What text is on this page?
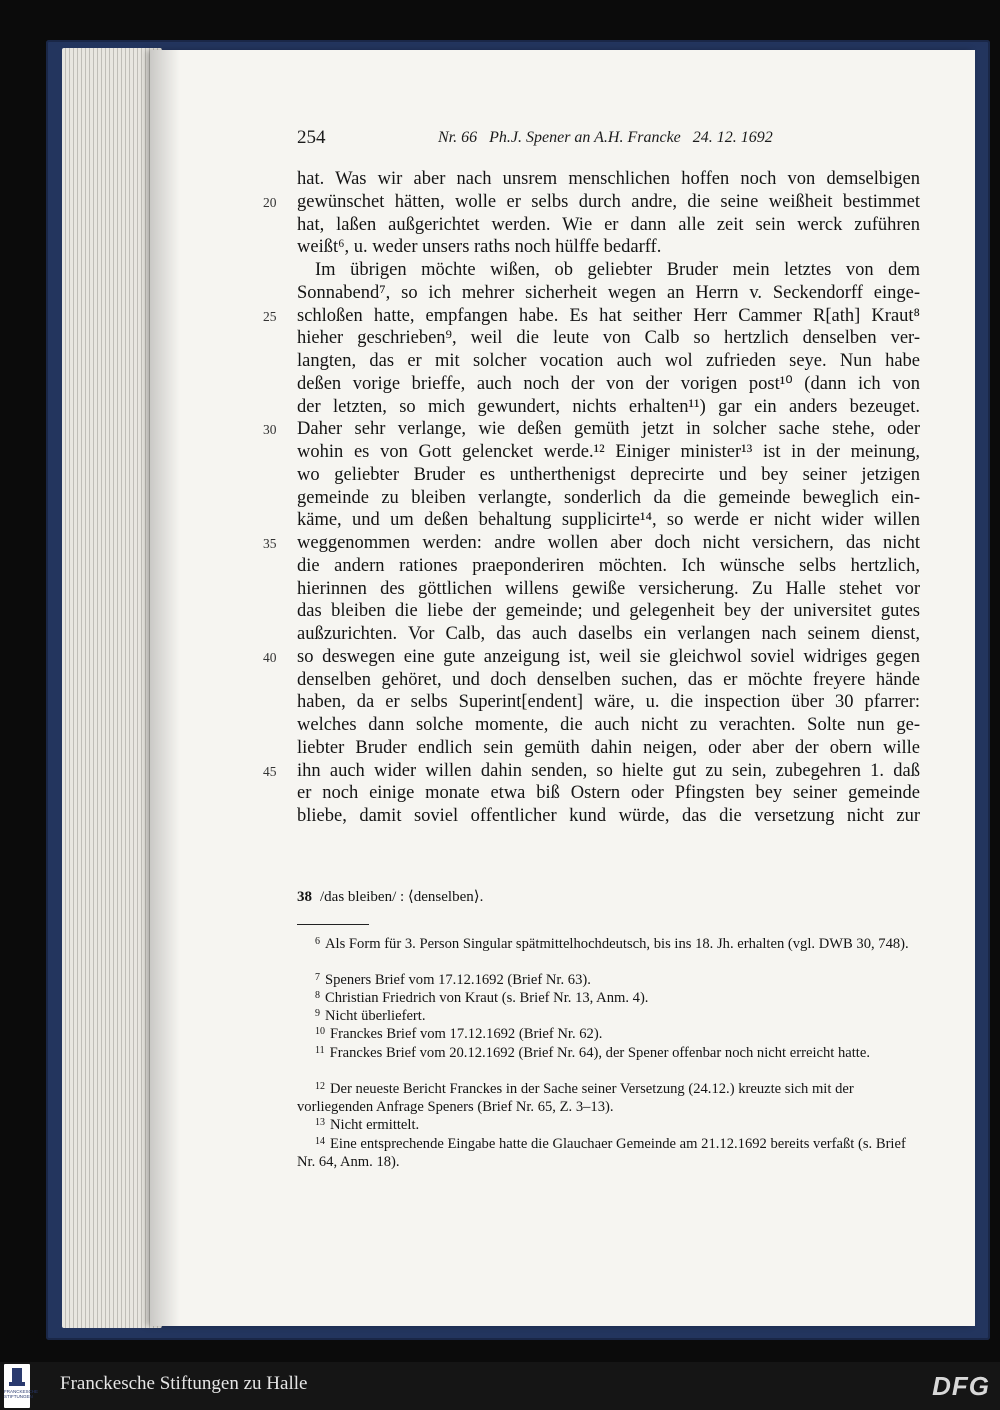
254	Nr. 66   Ph.J. Spener an A.H. Francke   24. 12. 1692
hat. Was wir aber nach unsrem menschlichen hoffen noch von demselbigen
gewünschet hätten, wolle er selbs durch andre, die seine weißheit bestimmet
hat, laßen außgerichtet werden. Wie er dann alle zeit sein werck zuführen
weißt⁶, u. weder unsers raths noch hülffe bedarff.
Im übrigen möchte wißen, ob geliebter Bruder mein letztes von dem
Sonnabend⁷, so ich mehrer sicherheit wegen an Herrn v. Seckendorff einge-
schloßen hatte, empfangen habe. Es hat seither Herr Cammer R[ath] Kraut⁸
hieher geschrieben⁹, weil die leute von Calb so hertzlich denselben ver-
langten, das er mit solcher vocation auch wol zufrieden seye. Nun habe
deßen vorige brieffe, auch noch der von der vorigen post¹⁰ (dann ich von
der letzten, so mich gewundert, nichts erhalten¹¹) gar ein anders bezeuget.
Daher sehr verlange, wie deßen gemüth jetzt in solcher sache stehe, oder
wohin es von Gott gelencket werde.¹² Einiger minister¹³ ist in der meinung,
wo geliebter Bruder es untherthenigst deprecirte und bey seiner jetzigen
gemeinde zu bleiben verlangte, sonderlich da die gemeinde beweglich ein-
käme, und um deßen behaltung supplicirte¹⁴, so werde er nicht wider willen
weggenommen werden: andre wollen aber doch nicht versichern, das nicht
die andern rationes praeponderiren möchten. Ich wünsche selbs hertzlich,
hierinnen des göttlichen willens gewiße versicherung. Zu Halle stehet vor
das bleiben die liebe der gemeinde; und gelegenheit bey der universitet gutes
außzurichten. Vor Calb, das auch daselbs ein verlangen nach seinem dienst,
so deswegen eine gute anzeigung ist, weil sie gleichwol soviel widriges gegen
denselben gehöret, und doch denselben suchen, das er möchte freyere hände
haben, da er selbs Superint[endent] wäre, u. die inspection über 30 pfarrer:
welches dann solche momente, die auch nicht zu verachten. Solte nun ge-
liebter Bruder endlich sein gemüth dahin neigen, oder aber der obern wille
ihn auch wider willen dahin senden, so hielte gut zu sein, zubegehren 1. daß
er noch einige monate etwa biß Ostern oder Pfingsten bey seiner gemeinde
bliebe, damit soviel offentlicher kund würde, das die versetzung nicht zur
20
25
30
35
40
45
38 /das bleiben/ : ⟨denselben⟩.

$^6$ Als Form für 3. Person Singular spätmittelhochdeutsch, bis ins 18. Jh. erhalten (vgl. DWB 30, 748).

$^7$ Speners Brief vom 17.12.1692 (Brief Nr. 63).

$^8$ Christian Friedrich von Kraut (s. Brief Nr. 13, Anm. 4).

$^9$ Nicht überliefert.

$^{10}$ Franckes Brief vom 17.12.1692 (Brief Nr. 62).

$^{11}$ Franckes Brief vom 20.12.1692 (Brief Nr. 64), der Spener offenbar noch nicht erreicht hatte.

$^{12}$ Der neueste Bericht Franckes in der Sache seiner Versetzung (24.12.) kreuzte sich mit der vorliegenden Anfrage Speners (Brief Nr. 65, Z. 3–13).

$^{13}$ Nicht ermittelt.

$^{14}$ Eine entsprechende Eingabe hatte die Glauchaer Gemeinde am 21.12.1692 bereits verfaßt (s. Brief Nr. 64, Anm. 18).

FRANCKESCHE STIFTUNGEN
Franckesche Stiftungen zu Halle	DFG
